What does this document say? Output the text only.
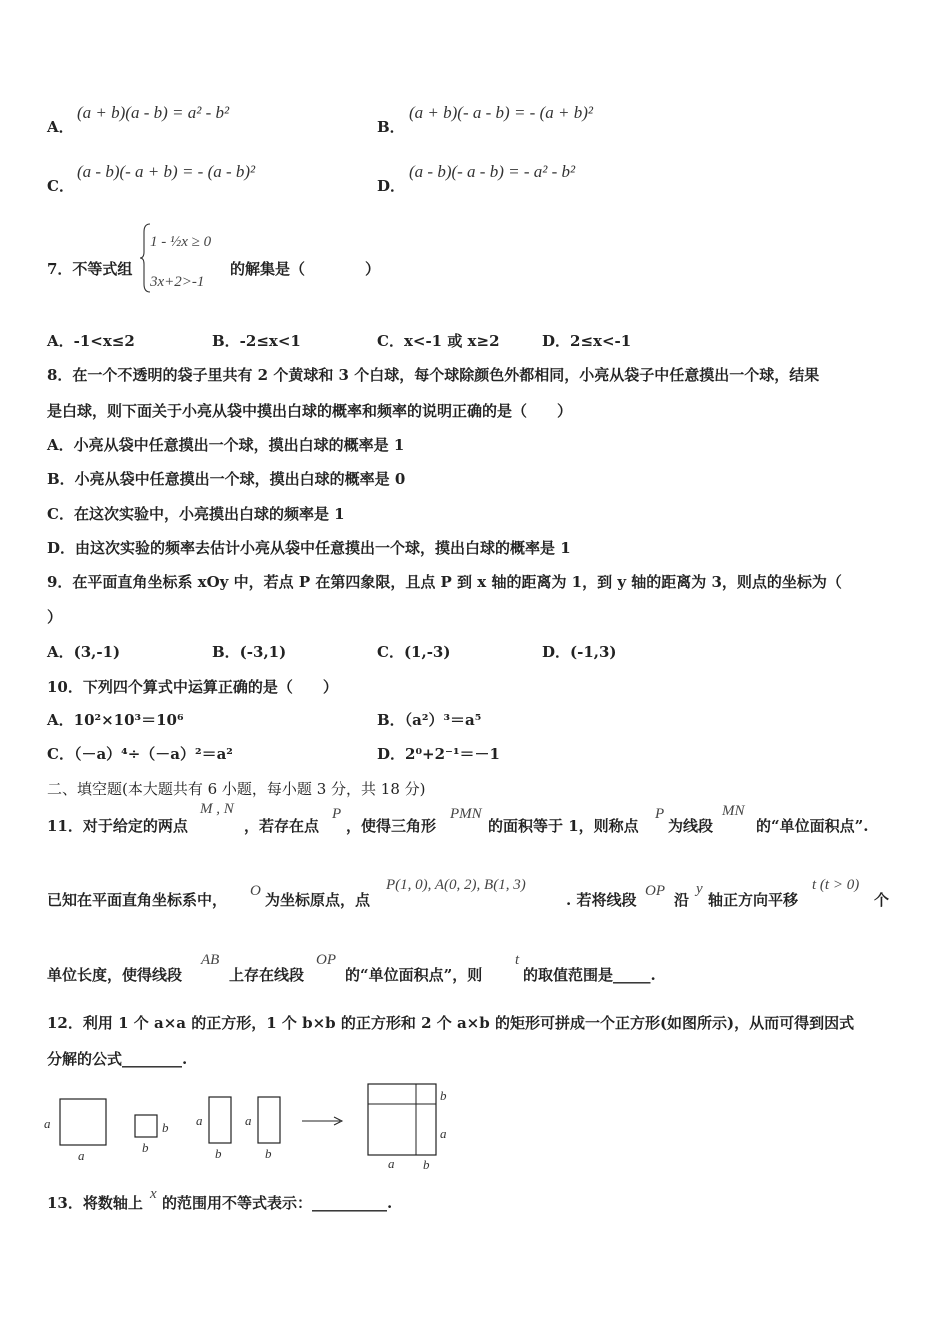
A．
(a + b)(a - b) = a² - b²
B．
(a + b)(- a - b) = - (a + b)²
C．
(a - b)(- a + b) = - (a - b)²
D．
(a - b)(- a - b) = - a² - b²
7．不等式组
1 - ½x ≥ 0
3x+2>-1
的解集是（　　　　）
A．-1<x≤2	B．-2≤x<1	C．x<-1 或 x≥2	D．2≤x<-1
8．在一个不透明的袋子里共有 2 个黄球和 3 个白球，每个球除颜色外都相同，小亮从袋子中任意摸出一个球，结果
是白球，则下面关于小亮从袋中摸出白球的概率和频率的说明正确的是（　　）
A．小亮从袋中任意摸出一个球，摸出白球的概率是 1
B．小亮从袋中任意摸出一个球，摸出白球的概率是 0
C．在这次实验中，小亮摸出白球的频率是 1
D．由这次实验的频率去估计小亮从袋中任意摸出一个球，摸出白球的概率是 1
9．在平面直角坐标系 xOy 中，若点 P 在第四象限，且点 P 到 x 轴的距离为 1，到 y 轴的距离为 3，则点的坐标为（
）
A．(3,-1)	B．(-3,1)	C．(1,-3)	D．(-1,3)
10．下列四个算式中运算正确的是（　　）
A．10²×10³＝10⁶	B．（a²）³＝a⁵
C．（－a）⁴÷（－a）²＝a²	D．2⁰+2⁻¹＝－1
二、填空题(本大题共有 6 小题，每小题 3 分，共 18 分)
11．对于给定的两点
M , N
，若存在点
P
，使得三角形
PMN
的面积等于 1，则称点
P
为线段
MN
的“单位面积点”.
已知在平面直角坐标系中， O 为坐标原点，点
P(1, 0), A(0, 2), B(1, 3)
. 若将线段 OP 沿
y
轴正方向平移
t (t > 0)
个
单位长度，使得线段
AB
上存在线段
OP
的“单位面积点”，则
t
的取值范围是_____.
12．利用 1 个 a×a 的正方形，1 个 b×b 的正方形和 2 个 a×b 的矩形可拼成一个正方形(如图所示)，从而可得到因式
分解的公式________.
a
a
b
b
a
b
a
b
b
a
a b
13．将数轴上 x 的范围用不等式表示：__________.
